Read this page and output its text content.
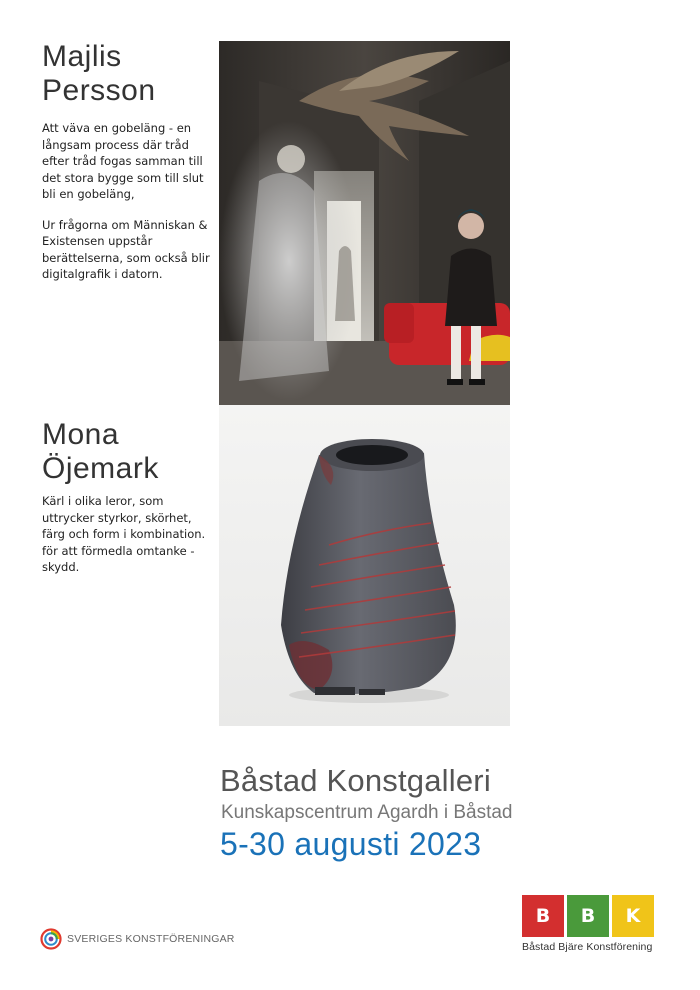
Majlis
Persson

Att väva en gobeläng - en långsam process där tråd efter tråd fogas samman till det stora bygge som till slut bli en gobeläng,

Ur frågorna om Människan & Existensen uppstår berättelserna, som också blir digitalgrafik i datorn.

Mona
Öjemark

Kärl i olika leror, som uttrycker styrkor, skörhet, färg och form i kombination. för att förmedla omtanke - skydd.

Båstad Konstgalleri
Kunskapscentrum Agardh i Båstad
5-30 augusti 2023
SVERIGES KONSTFÖRENINGAR
B	B	K
Båstad Bjäre Konstförening
